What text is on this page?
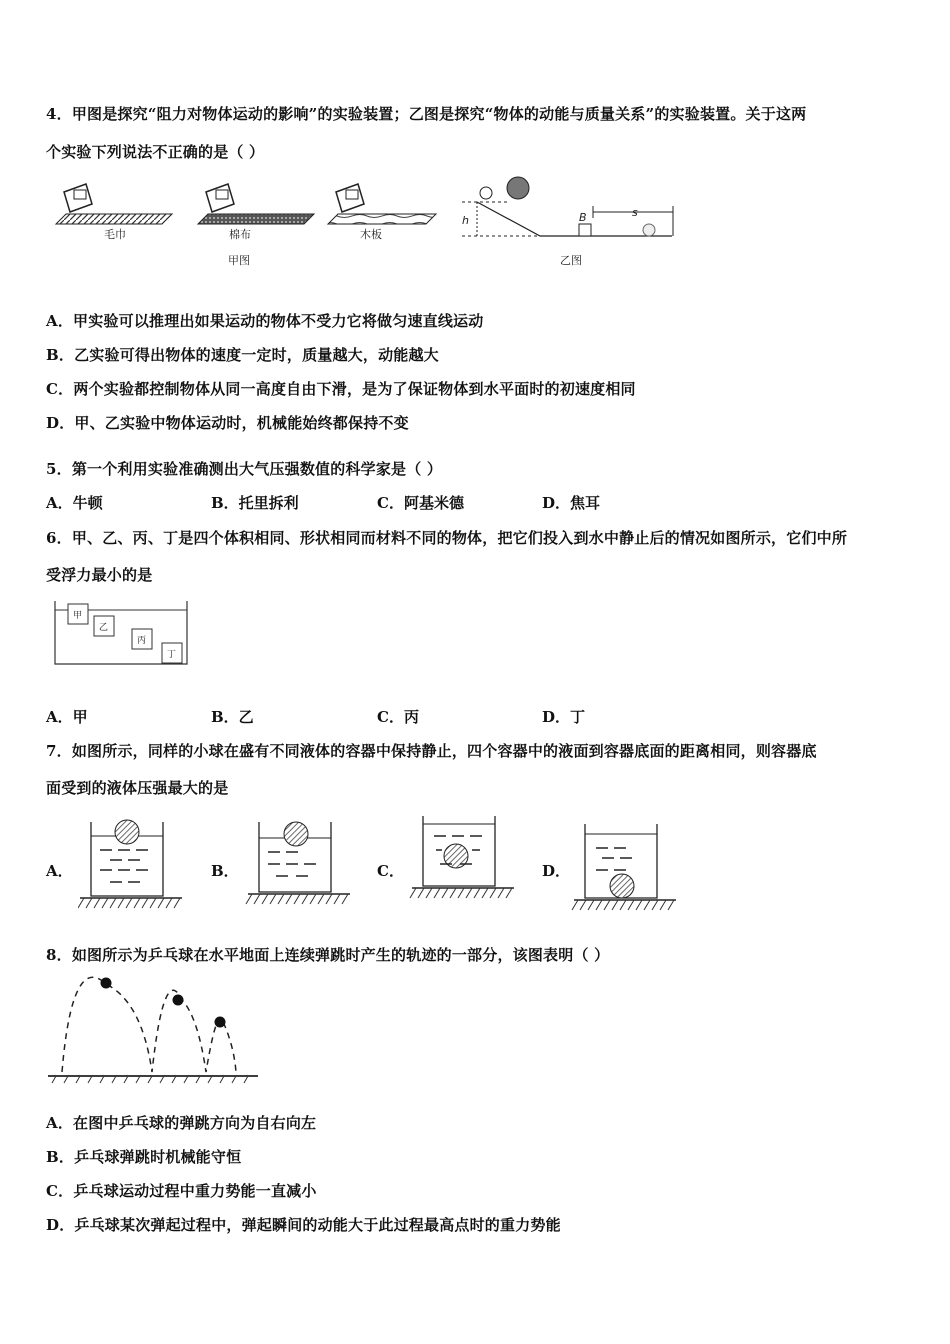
4．甲图是探究“阻力对物体运动的影响”的实验装置；乙图是探究“物体的动能与质量关系”的实验装置。关于这两
个实验下列说法不正确的是（ ）
毛巾	棉布	木板
甲图
h
s
B
乙图
A．甲实验可以推理出如果运动的物体不受力它将做匀速直线运动
B．乙实验可得出物体的速度一定时，质量越大，动能越大
C．两个实验都控制物体从同一高度自由下滑，是为了保证物体到水平面时的初速度相同
D．甲、乙实验中物体运动时，机械能始终都保持不变
5．第一个利用实验准确测出大气压强数值的科学家是（ ）
A．牛顿	B．托里拆利	C．阿基米德	D．焦耳
6．甲、乙、丙、丁是四个体积相同、形状相同而材料不同的物体，把它们投入到水中静止后的情况如图所示，它们中所
受浮力最小的是
甲
乙
丙
丁
A．甲	B．乙	C．丙	D．丁
7．如图所示，同样的小球在盛有不同液体的容器中保持静止，四个容器中的液面到容器底面的距离相同，则容器底
面受到的液体压强最大的是
A．	B．	C．	D．
8．如图所示为乒乓球在水平地面上连续弹跳时产生的轨迹的一部分，该图表明（ ）
A．在图中乒乓球的弹跳方向为自右向左
B．乒乓球弹跳时机械能守恒
C．乒乓球运动过程中重力势能一直减小
D．乒乓球某次弹起过程中，弹起瞬间的动能大于此过程最高点时的重力势能
